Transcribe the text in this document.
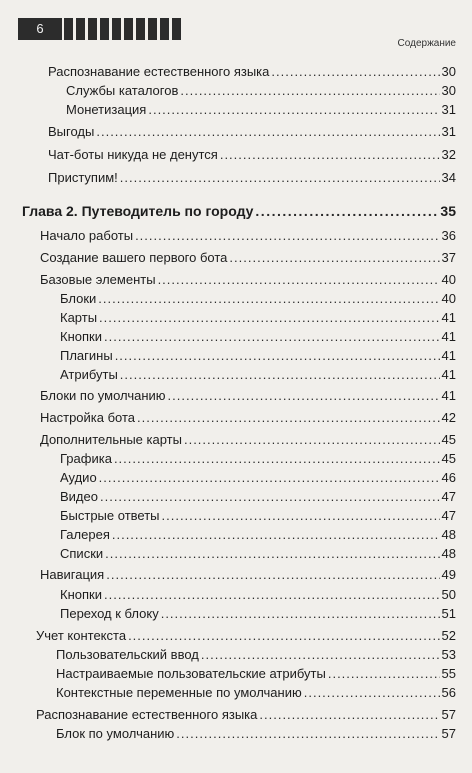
6
Содержание
Распознавание естественного языка .....	30
Службы каталогов .....	30
Монетизация .....	31
Выгоды .....	31
Чат-боты никуда не денутся .....	32
Приступим! .....	34
Глава 2. Путеводитель по городу .....	35
Начало работы .....	36
Создание вашего первого бота .....	37
Базовые элементы .....	40
Блоки .....	40
Карты .....	41
Кнопки .....	41
Плагины .....	41
Атрибуты .....	41
Блоки по умолчанию .....	41
Настройка бота .....	42
Дополнительные карты .....	45
Графика .....	45
Аудио .....	46
Видео .....	47
Быстрые ответы .....	47
Галерея .....	48
Списки .....	48
Навигация .....	49
Кнопки .....	50
Переход к блоку .....	51
Учет контекста .....	52
Пользовательский ввод .....	53
Настраиваемые пользовательские атрибуты .....	55
Контекстные переменные по умолчанию .....	56
Распознавание естественного языка .....	57
Блок по умолчанию .....	57
